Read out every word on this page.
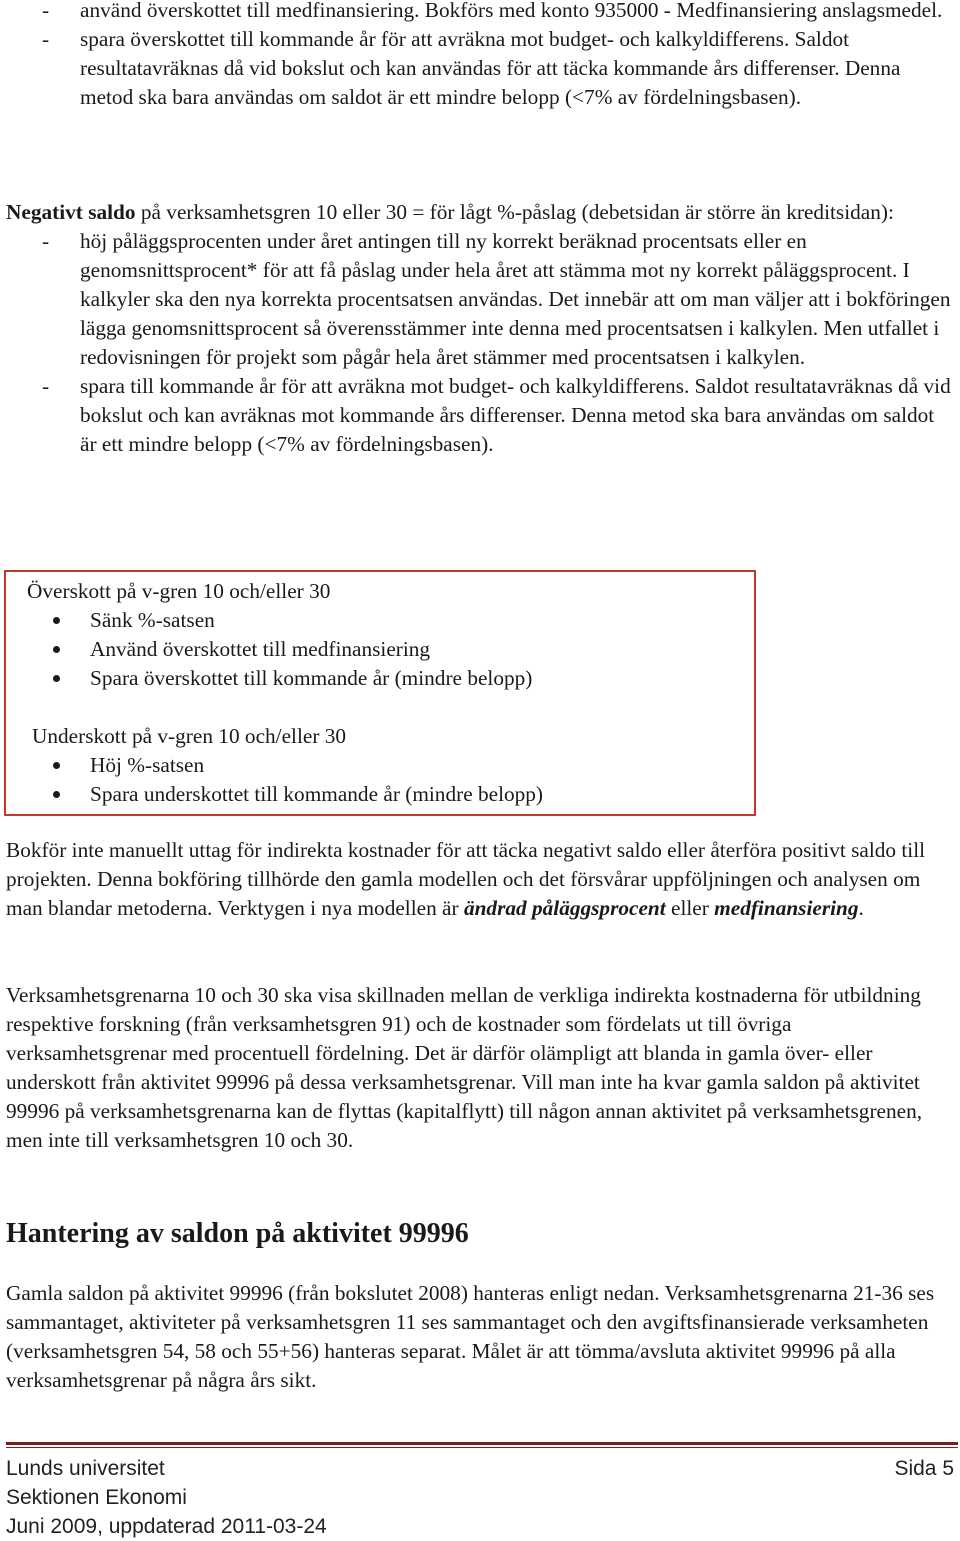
- använd överskottet till medfinansiering. Bokförs med konto 935000 - Medfinansiering anslagsmedel.
- spara överskottet till kommande år för att avräkna mot budget- och kalkyldifferens. Saldot resultatavräknas då vid bokslut och kan användas för att täcka kommande års differenser. Denna metod ska bara användas om saldot är ett mindre belopp (<7% av fördelningsbasen).
Negativt saldo på verksamhetsgren 10 eller 30 = för lågt %-påslag (debetsidan är större än kreditsidan):
- höj påläggsprocenten under året antingen till ny korrekt beräknad procentsats eller en genomsnittsprocent* för att få påslag under hela året att stämma mot ny korrekt påläggsprocent. I kalkyler ska den nya korrekta procentsatsen användas. Det innebär att om man väljer att i bokföringen lägga genomsnittsprocent så överensstämmer inte denna med procentsatsen i kalkylen. Men utfallet i redovisningen för projekt som pågår hela året stämmer med procentsatsen i kalkylen.
- spara till kommande år för att avräkna mot budget- och kalkyldifferens. Saldot resultatavräknas då vid bokslut och kan avräknas mot kommande års differenser. Denna metod ska bara användas om saldot är ett mindre belopp (<7% av fördelningsbasen).
Överskott på v-gren 10 och/eller 30
Sänk %-satsen
Använd överskottet till medfinansiering
Spara överskottet till kommande år (mindre belopp)
Underskott på v-gren 10 och/eller 30
Höj %-satsen
Spara underskottet till kommande år (mindre belopp)
Bokför inte manuellt uttag för indirekta kostnader för att täcka negativt saldo eller återföra positivt saldo till projekten. Denna bokföring tillhörde den gamla modellen och det försvårar uppföljningen och analysen om man blandar metoderna. Verktygen i nya modellen är ändrad påläggsprocent eller medfinansiering.
Verksamhetsgrenarna 10 och 30 ska visa skillnaden mellan de verkliga indirekta kostnaderna för utbildning respektive forskning (från verksamhetsgren 91) och de kostnader som fördelats ut till övriga verksamhetsgrenar med procentuell fördelning. Det är därför olämpligt att blanda in gamla över- eller underskott från aktivitet 99996 på dessa verksamhetsgrenar. Vill man inte ha kvar gamla saldon på aktivitet 99996 på verksamhetsgrenarna kan de flyttas (kapitalflytt) till någon annan aktivitet på verksamhetsgrenen, men inte till verksamhetsgren 10 och 30.
Hantering av saldon på aktivitet 99996
Gamla saldon på aktivitet 99996 (från bokslutet 2008) hanteras enligt nedan. Verksamhetsgrenarna 21-36 ses sammantaget, aktiviteter på verksamhetsgren 11 ses sammantaget och den avgiftsfinansierade verksamheten (verksamhetsgren 54, 58 och 55+56) hanteras separat. Målet är att tömma/avsluta aktivitet 99996 på alla verksamhetsgrenar på några års sikt.
Lunds universitet
Sektionen Ekonomi
Juni 2009, uppdaterad 2011-03-24
Sida 5
